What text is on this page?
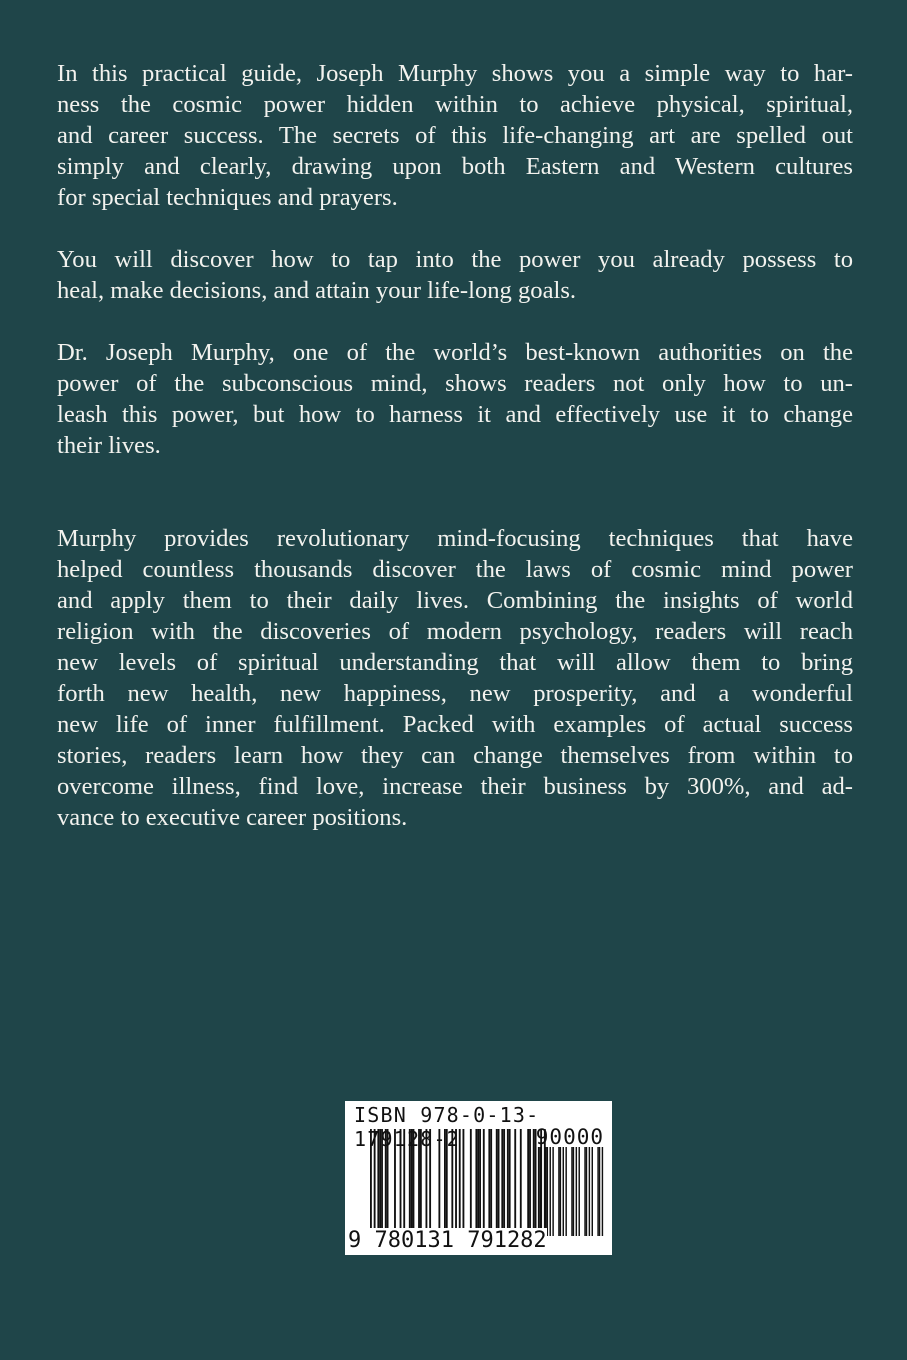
In this practical guide, Joseph Murphy shows you a simple way to har-
ness the cosmic power hidden within to achieve physical, spiritual,
and career success. The secrets of this life-changing art are spelled out
simply and clearly, drawing upon both Eastern and Western cultures
for special techniques and prayers.

You will discover how to tap into the power you already possess to
heal, make decisions, and attain your life-long goals.

Dr. Joseph Murphy, one of the world’s best-known authorities on the
power of the subconscious mind, shows readers not only how to un-
leash this power, but how to harness it and effectively use it to change
their lives.

Murphy provides revolutionary mind-focusing techniques that have
helped countless thousands discover the laws of cosmic mind power
and apply them to their daily lives. Combining the insights of world
religion with the discoveries of modern psychology, readers will reach
new levels of spiritual understanding that will allow them to bring
forth new health, new happiness, new prosperity, and a wonderful
new life of inner fulfillment. Packed with examples of actual success
stories, readers learn how they can change themselves from within to
overcome illness, find love, increase their business by 300%, and ad-
vance to executive career positions.

ISBN 978-0-13-179128-2	90000
9 780131 791282
